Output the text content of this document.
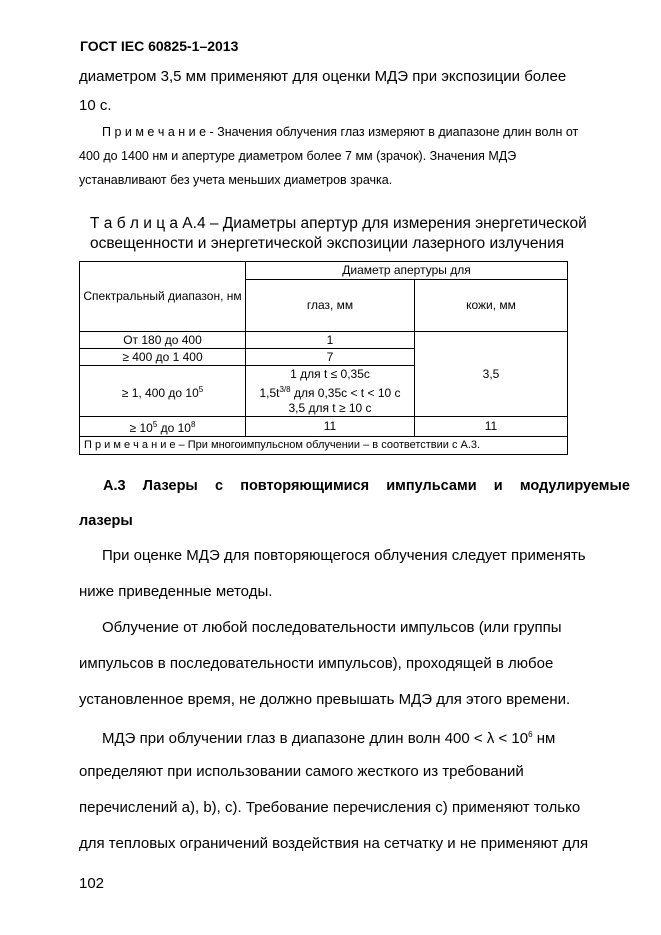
ГОСТ IEC 60825-1–2013
диаметром 3,5 мм применяют для оценки МДЭ при экспозиции более
10 с.
П р и м е ч а н и е - Значения облучения глаз измеряют в диапазоне длин волн от
400 до 1400 нм и апертуре диаметром более 7 мм (зрачок). Значения МДЭ
устанавливают без учета меньших диаметров зрачка.
Т а б л и ц а А.4 – Диаметры апертур для измерения энергетической
освещенности и энергетической экспозиции лазерного излучения
Спектральный диапазон, нм	Диаметр апертуры для	
	глаз, мм	кожи, мм
От 180 до 400	1	3,5
≥ 400 до 1 400	7	
≥ 1, 400 до $10^5$	1 для t ≤ 0,35с
$1,5t^{3/8}$ для 0,35с < t < 10 с
3,5 для t ≥ 10 с	

≥ $10^5$ до $10^8$	11	11
П р и м е ч а н и е – При многоимпульсном облучении – в соответствии с А.3.		
А.3 Лазеры с повторяющимися импульсами и модулируемые
лазеры
При оценке МДЭ для повторяющегося облучения следует применять
ниже приведенные методы.
Облучение от любой последовательности импульсов (или группы
импульсов в последовательности импульсов), проходящей в любое
установленное время, не должно превышать МДЭ для этого времени.
МДЭ при облучении глаз в диапазоне длин волн $400 < \lambda < 10^6$ нм
определяют при использовании самого жесткого из требований
перечислений а), b), с). Требование перечисления с) применяют только
для тепловых ограничений воздействия на сетчатку и не применяют для
102
